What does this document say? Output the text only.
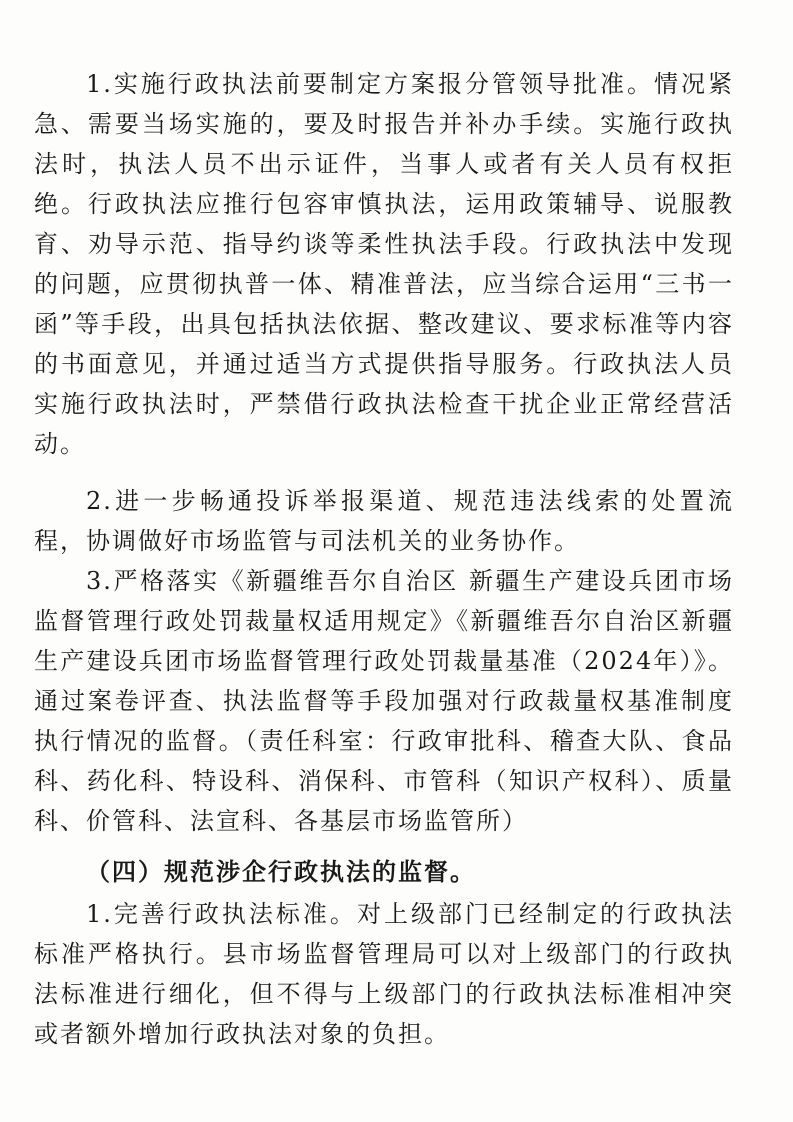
1.实施行政执法前要制定方案报分管领导批准。情况紧急、需要当场实施的，要及时报告并补办手续。实施行政执法时，执法人员不出示证件，当事人或者有关人员有权拒绝。行政执法应推行包容审慎执法，运用政策辅导、说服教育、劝导示范、指导约谈等柔性执法手段。行政执法中发现的问题，应贯彻执普一体、精准普法，应当综合运用“三书一函”等手段，出具包括执法依据、整改建议、要求标准等内容的书面意见，并通过适当方式提供指导服务。行政执法人员实施行政执法时，严禁借行政执法检查干扰企业正常经营活动。

2.进一步畅通投诉举报渠道、规范违法线索的处置流程，协调做好市场监管与司法机关的业务协作。

3.严格落实《新疆维吾尔自治区 新疆生产建设兵团市场监督管理行政处罚裁量权适用规定》《新疆维吾尔自治区新疆生产建设兵团市场监督管理行政处罚裁量基准（2024年）》。通过案卷评查、执法监督等手段加强对行政裁量权基准制度执行情况的监督。（责任科室：行政审批科、稽查大队、食品科、药化科、特设科、消保科、市管科（知识产权科）、质量科、价管科、法宣科、各基层市场监管所）

（四）规范涉企行政执法的监督。

1.完善行政执法标准。对上级部门已经制定的行政执法标准严格执行。县市场监督管理局可以对上级部门的行政执法标准进行细化，但不得与上级部门的行政执法标准相冲突或者额外增加行政执法对象的负担。
